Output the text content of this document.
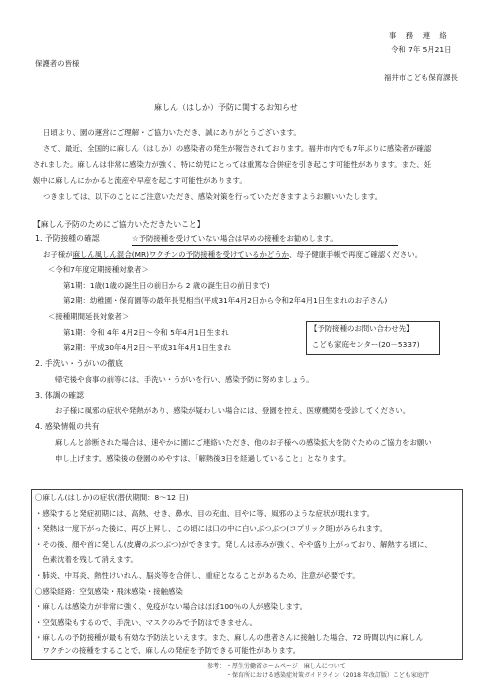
事　務　連　絡
令和 7年 5月21日
保護者の皆様
福井市こども保育課長
麻しん（はしか）予防に関するお知らせ
日頃より、園の運営にご理解・ご協力いただき、誠にありがとうございます。
さて、最近、全国的に麻しん（はしか）の感染者の発生が報告されております。福井市内でも7年ぶりに感染者が確認
されました。麻しんは非常に感染力が強く、特に幼児にとっては重篤な合併症を引き起こす可能性があります。また、妊
娠中に麻しんにかかると流産や早産を起こす可能性があります。
つきましては、以下のことにご注意いただき、感染対策を行っていただきますようお願いいたします。
【麻しん予防のためにご協力いただきたいこと】
1. 予防接種の確認	☆予防接種を受けていない場合は早めの接種をお勧めします。
お子様が麻しん風しん混合(MR)ワクチンの予防接種を受けているかどうか、母子健康手帳で再度ご確認ください。
＜令和7年度定期接種対象者＞
第1期：1歳(1歳の誕生日の前日から 2 歳の誕生日の前日まで)
第2期：幼稚園・保育園等の最年長児相当(平成31年4月2日から令和2年4月1日生まれのお子さん)
＜接種期間延長対象者＞
第1期：令和 4年 4月2日～令和 5年4月1日生まれ
第2期：平成30年4月2日～平成31年4月1日生まれ
【予防接種のお問い合わせ先】
こども家庭センター(20－5337)
2. 手洗い・うがいの徹底
帰宅後や食事の前等には、手洗い・うがいを行い、感染予防に努めましょう。
3. 体調の確認
お子様に風邪の症状や発熱があり、感染が疑わしい場合には、登園を控え、医療機関を受診してください。
4. 感染情報の共有
麻しんと診断された場合は、速やかに園にご連絡いただき、他のお子様への感染拡大を防ぐためのご協力をお願い
申し上げます。感染後の登園のめやすは、「解熱後3日を経過していること」となります。
〇麻しん(はしか)の症状(潜伏期間：8～12 日)
・感染すると発症初期には、高熱、せき、鼻水、目の充血、目やに等、風邪のような症状が現れます。
・発熱は一度下がった後に、再び上昇し、この頃には口の中に白いぶつぶつ(コプリック斑)がみられます。
・その後、顔や首に発しん(皮膚のぶつぶつ)ができます。発しんは赤みが強く、やや盛り上がっており、解熱する頃に、
　色素沈着を残して消えます。
・肺炎、中耳炎、熱性けいれん、脳炎等を合併し、重症となることがあるため、注意が必要です。
〇感染経路：空気感染・飛沫感染・接触感染
・麻しんは感染力が非常に強く、免疫がない場合はほぼ100％の人が感染します。
・空気感染もするので、手洗い、マスクのみで予防はできません。
・麻しんの予防接種が最も有効な予防法といえます。また、麻しんの患者さんに接触した場合、72 時間以内に麻しん
　ワクチンの接種をすることで、麻しんの発症を予防できる可能性があります。
参考： ・厚生労働省ホームページ　麻しんについて
・保育所における感染症対策ガイドライン（2018 年改訂版）こども家庭庁
